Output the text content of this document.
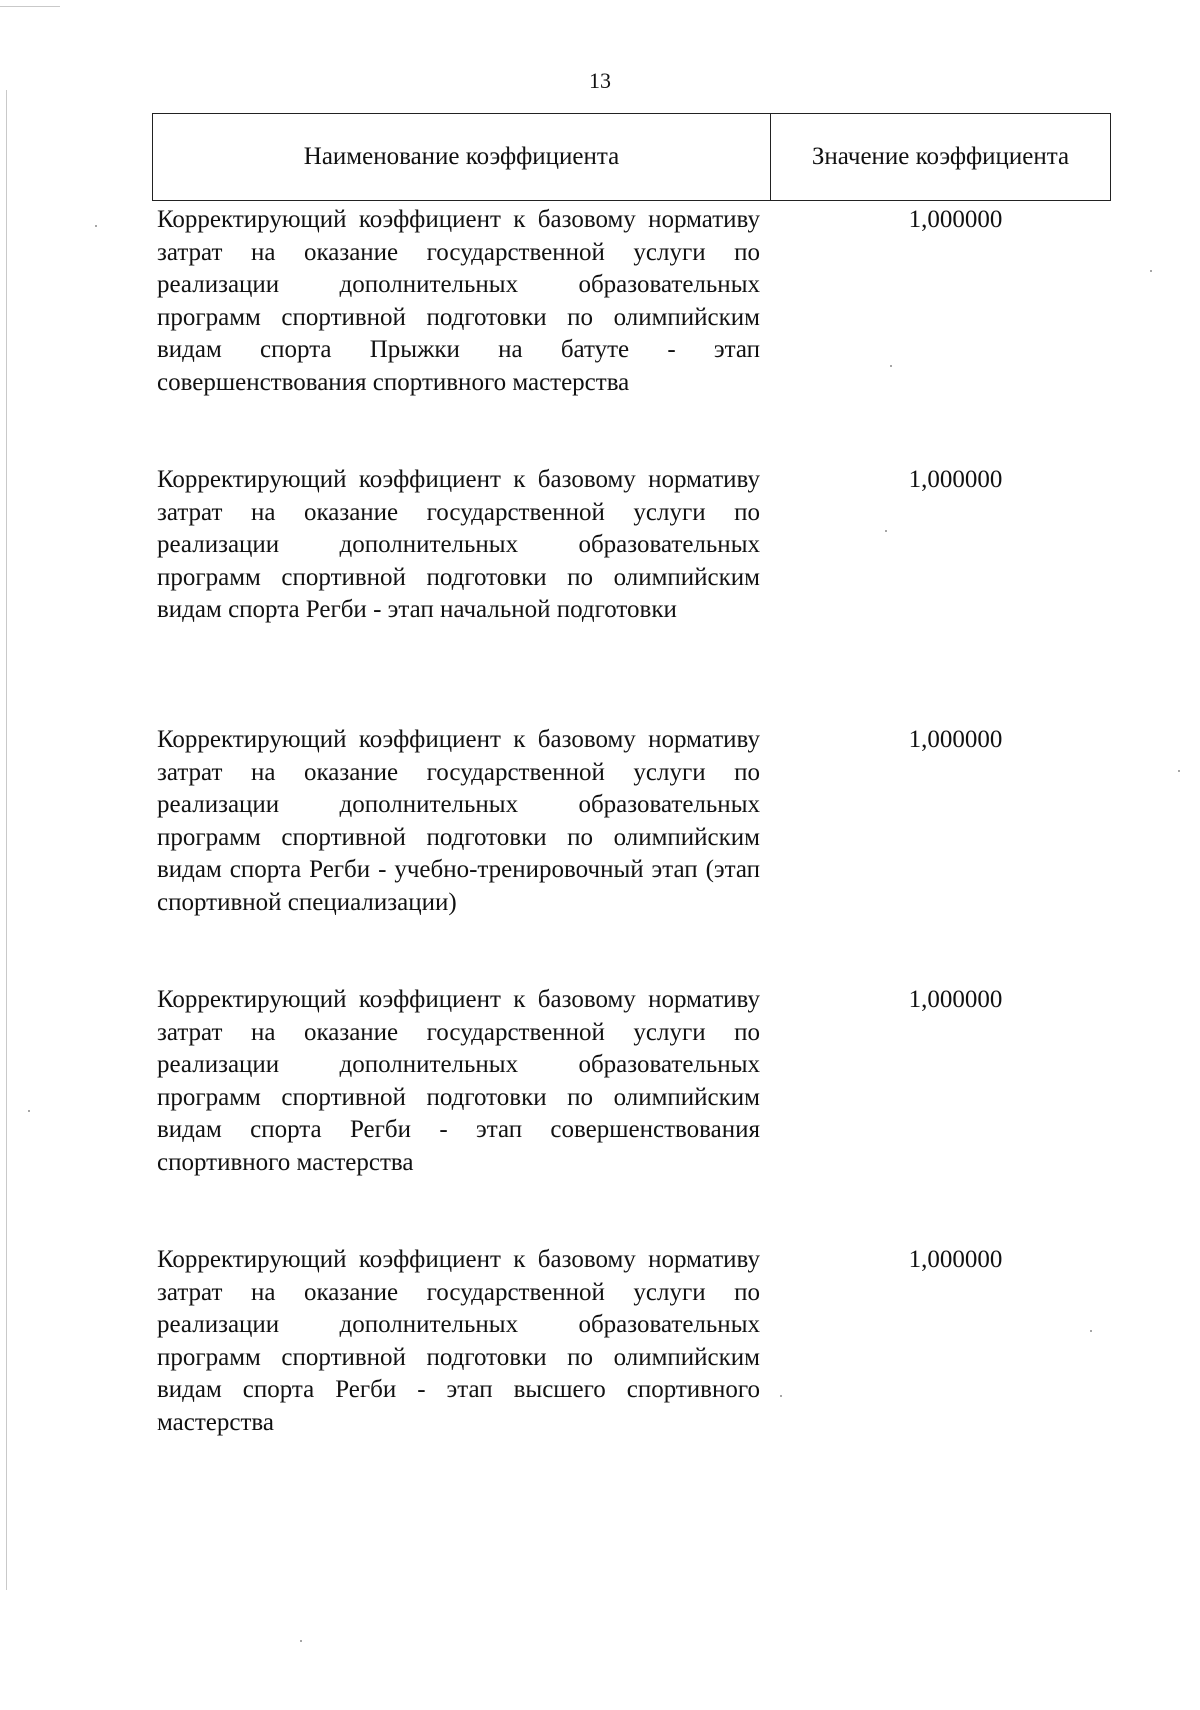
13
Наименование коэффициента	Значение коэффициента
Корректирующий коэффициент к базовому нормативу затрат на оказание государственной услуги по реализации дополнительных образовательных программ спортивной подготовки по олимпийским видам спорта Прыжки на батуте - этап совершенствования спортивного мастерства
1,000000
Корректирующий коэффициент к базовому нормативу затрат на оказание государственной услуги по реализации дополнительных образовательных программ спортивной подготовки по олимпийским видам спорта Регби - этап начальной подготовки
1,000000
Корректирующий коэффициент к базовому нормативу затрат на оказание государственной услуги по реализации дополнительных образовательных программ спортивной подготовки по олимпийским видам спорта Регби - учебно-тренировочный этап (этап спортивной специализации)
1,000000
Корректирующий коэффициент к базовому нормативу затрат на оказание государственной услуги по реализации дополнительных образовательных программ спортивной подготовки по олимпийским видам спорта Регби - этап совершенствования спортивного мастерства
1,000000
Корректирующий коэффициент к базовому нормативу затрат на оказание государственной услуги по реализации дополнительных образовательных программ спортивной подготовки по олимпийским видам спорта Регби - этап высшего спортивного мастерства
1,000000
